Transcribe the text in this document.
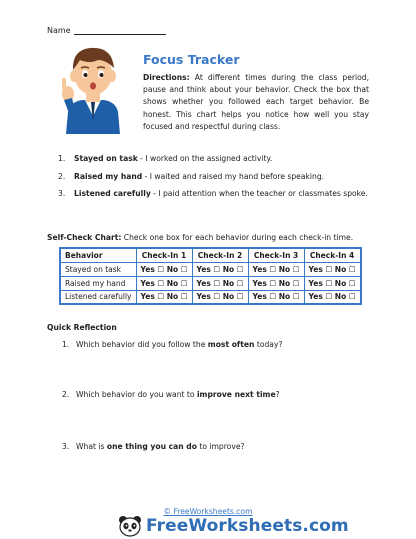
Name
Focus Tracker

Directions: At different times during the class period, pause and think about your behavior. Check the box that shows whether you followed each target behavior. Be honest. This chart helps you notice how well you stay focused and respectful during class.

1.	Stayed on task - I worked on the assigned activity.
2.	Raised my hand - I waited and raised my hand before speaking.
3.	Listened carefully - I paid attention when the teacher or classmates spoke.

Self-Check Chart: Check one box for each behavior during each check-in time.

Behavior	Check-In 1	Check-In 2	Check-In 3	Check-In 4
Stayed on task	Yes ☐ No ☐	Yes ☐ No ☐	Yes ☐ No ☐	Yes ☐ No ☐
Raised my hand	Yes ☐ No ☐	Yes ☐ No ☐	Yes ☐ No ☐	Yes ☐ No ☐
Listened carefully	Yes ☐ No ☐	Yes ☐ No ☐	Yes ☐ No ☐	Yes ☐ No ☐
Quick Reflection
1. Which behavior did you follow the most often today?
2. Which behavior do you want to improve next time?
3. What is one thing you can do to improve?
© FreeWorksheets.com
FreeWorksheets.com
